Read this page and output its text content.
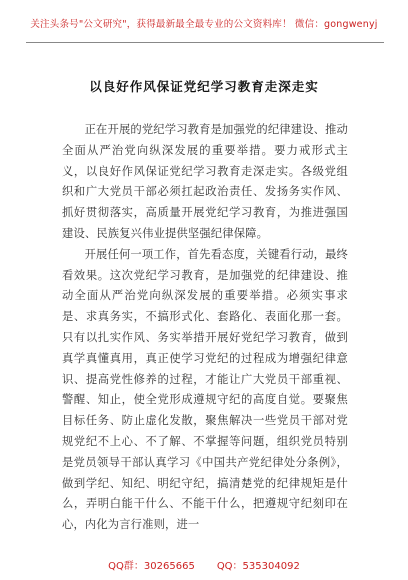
关注头条号"公文研究"，获得最新最全最专业的公文资料库！ 微信：gongwenyj
以良好作风保证党纪学习教育走深走实

正在开展的党纪学习教育是加强党的纪律建设、推动全面从严治党向纵深发展的重要举措。要力戒形式主义，以良好作风保证党纪学习教育走深走实。各级党组织和广大党员干部必须扛起政治责任、发扬务实作风、抓好贯彻落实，高质量开展党纪学习教育，为推进强国建设、民族复兴伟业提供坚强纪律保障。

开展任何一项工作，首先看态度，关键看行动，最终看效果。这次党纪学习教育，是加强党的纪律建设、推动全面从严治党向纵深发展的重要举措。必须实事求是、求真务实，不搞形式化、套路化、表面化那一套。只有以扎实作风、务实举措开展好党纪学习教育，做到真学真懂真用，真正使学习党纪的过程成为增强纪律意识、提高党性修养的过程，才能让广大党员干部重视、警醒、知止，使全党形成遵规守纪的高度自觉。要聚焦目标任务、防止虚化发散，聚焦解决一些党员干部对党规党纪不上心、不了解、不掌握等问题，组织党员特别是党员领导干部认真学习《中国共产党纪律处分条例》，做到学纪、知纪、明纪守纪，搞清楚党的纪律规矩是什么，弄明白能干什么、不能干什么，把遵规守纪刻印在心，内化为言行准则，进一

QQ群：30265665 QQ：535304092
